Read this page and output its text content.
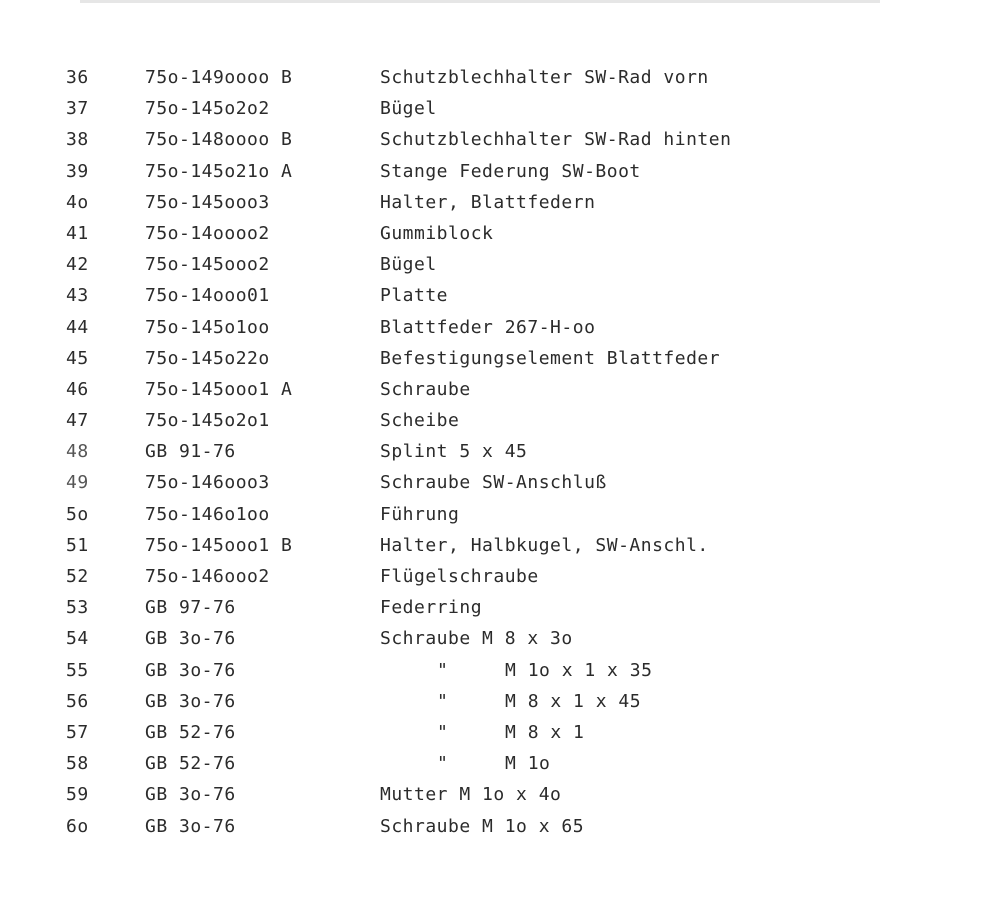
36	75o-149oooo B	Schutzblechhalter SW-Rad vorn
37	75o-145o2o2	Bügel
38	75o-148oooo B	Schutzblechhalter SW-Rad hinten
39	75o-145o21o A	Stange Federung SW-Boot
4o	75o-145ooo3	Halter, Blattfedern
41	75o-14oooo2	Gummiblock
42	75o-145ooo2	Bügel
43	75o-14ooo01	Platte
44	75o-145o1oo	Blattfeder 267-H-oo
45	75o-145o22o	Befestigungselement Blattfeder
46	75o-145ooo1 A	Schraube
47	75o-145o2o1	Scheibe
48	GB 91-76	Splint 5 x 45
49	75o-146ooo3	Schraube SW-Anschluß
5o	75o-146o1oo	Führung
51	75o-145ooo1 B	Halter, Halbkugel, SW-Anschl.
52	75o-146ooo2	Flügelschraube
53	GB 97-76	Federring
54	GB 3o-76	Schraube M 8 x 3o
55	GB 3o-76	"     M 1o x 1 x 35
56	GB 3o-76	"     M 8 x 1 x 45
57	GB 52-76	"     M 8 x 1
58	GB 52-76	"     M 1o
59	GB 3o-76	Mutter M 1o x 4o
6o	GB 3o-76	Schraube M 1o x 65
